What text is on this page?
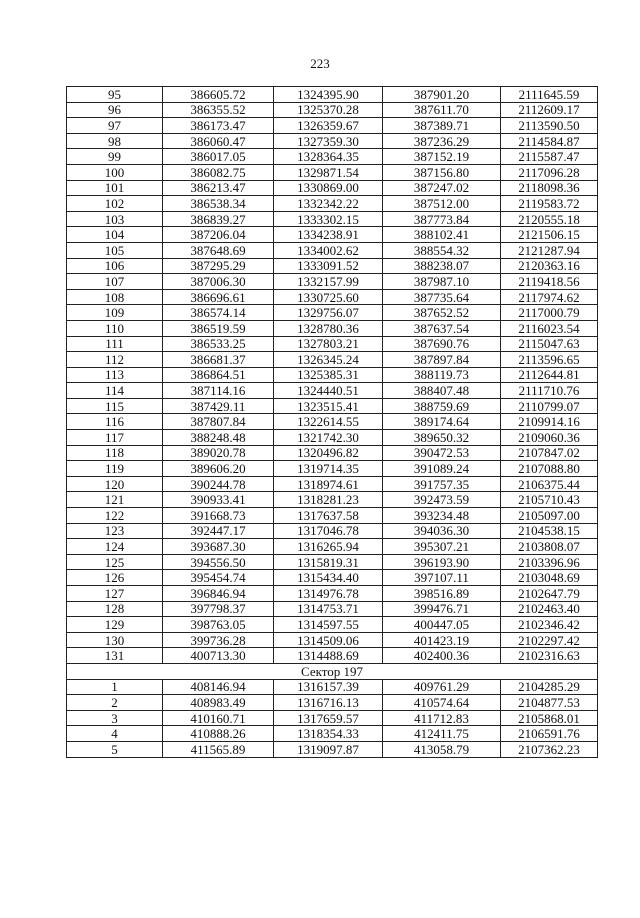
223
95	386605.72	1324395.90	387901.20	2111645.59
96	386355.52	1325370.28	387611.70	2112609.17
97	386173.47	1326359.67	387389.71	2113590.50
98	386060.47	1327359.30	387236.29	2114584.87
99	386017.05	1328364.35	387152.19	2115587.47
100	386082.75	1329871.54	387156.80	2117096.28
101	386213.47	1330869.00	387247.02	2118098.36
102	386538.34	1332342.22	387512.00	2119583.72
103	386839.27	1333302.15	387773.84	2120555.18
104	387206.04	1334238.91	388102.41	2121506.15
105	387648.69	1334002.62	388554.32	2121287.94
106	387295.29	1333091.52	388238.07	2120363.16
107	387006.30	1332157.99	387987.10	2119418.56
108	386696.61	1330725.60	387735.64	2117974.62
109	386574.14	1329756.07	387652.52	2117000.79
110	386519.59	1328780.36	387637.54	2116023.54
111	386533.25	1327803.21	387690.76	2115047.63
112	386681.37	1326345.24	387897.84	2113596.65
113	386864.51	1325385.31	388119.73	2112644.81
114	387114.16	1324440.51	388407.48	2111710.76
115	387429.11	1323515.41	388759.69	2110799.07
116	387807.84	1322614.55	389174.64	2109914.16
117	388248.48	1321742.30	389650.32	2109060.36
118	389020.78	1320496.82	390472.53	2107847.02
119	389606.20	1319714.35	391089.24	2107088.80
120	390244.78	1318974.61	391757.35	2106375.44
121	390933.41	1318281.23	392473.59	2105710.43
122	391668.73	1317637.58	393234.48	2105097.00
123	392447.17	1317046.78	394036.30	2104538.15
124	393687.30	1316265.94	395307.21	2103808.07
125	394556.50	1315819.31	396193.90	2103396.96
126	395454.74	1315434.40	397107.11	2103048.69
127	396846.94	1314976.78	398516.89	2102647.79
128	397798.37	1314753.71	399476.71	2102463.40
129	398763.05	1314597.55	400447.05	2102346.42
130	399736.28	1314509.06	401423.19	2102297.42
131	400713.30	1314488.69	402400.36	2102316.63
Сектор 197				
1	408146.94	1316157.39	409761.29	2104285.29
2	408983.49	1316716.13	410574.64	2104877.53
3	410160.71	1317659.57	411712.83	2105868.01
4	410888.26	1318354.33	412411.75	2106591.76
5	411565.89	1319097.87	413058.79	2107362.23
